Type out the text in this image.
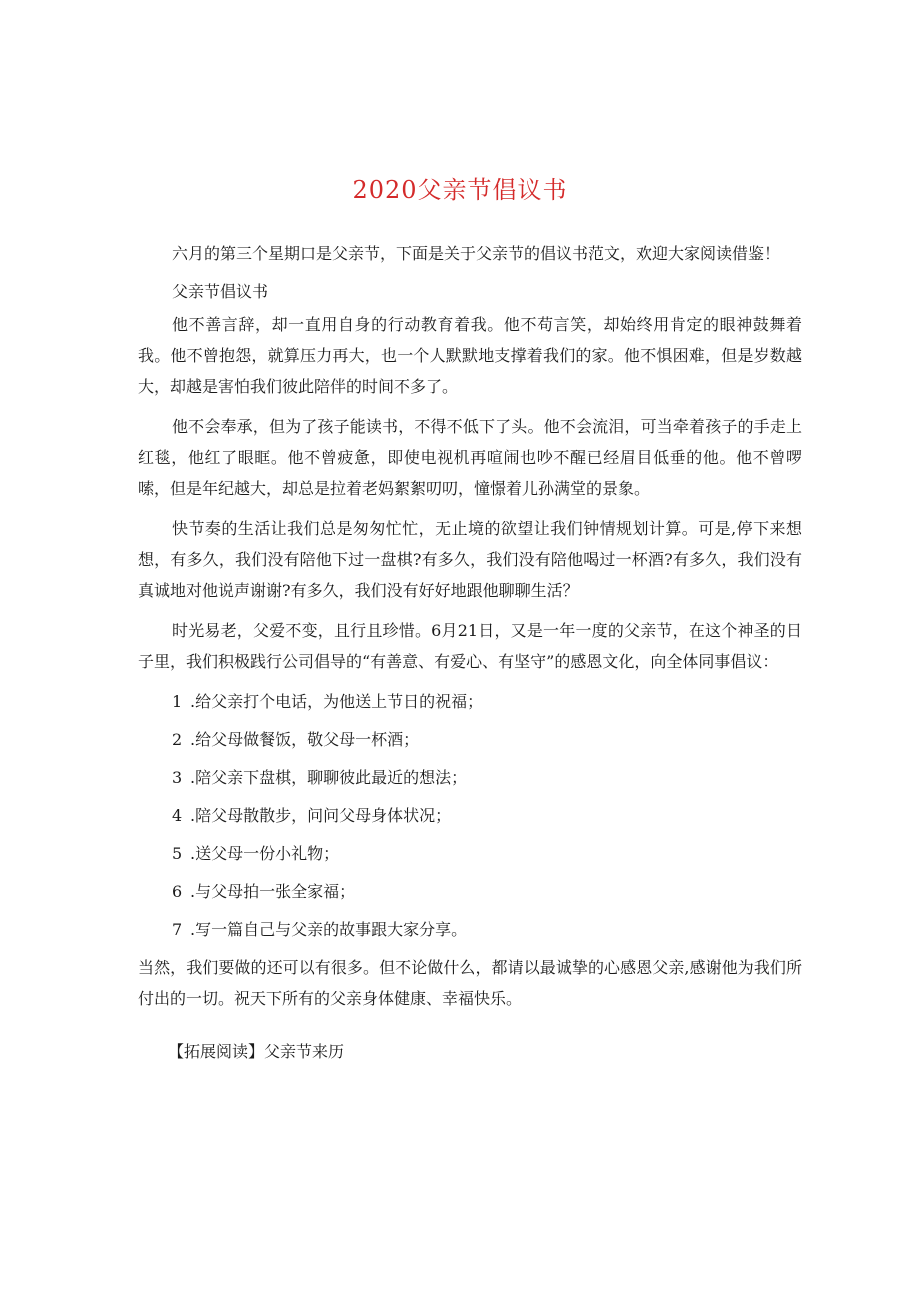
2020父亲节倡议书

六月的第三个星期口是父亲节，下面是关于父亲节的倡议书范文，欢迎大家阅读借鉴！

父亲节倡议书

他不善言辞，却一直用自身的行动教育着我。他不苟言笑，却始终用肯定的眼神鼓舞着我。他不曾抱怨，就算压力再大，也一个人默默地支撑着我们的家。他不惧困难，但是岁数越大，却越是害怕我们彼此陪伴的时间不多了。

他不会奉承，但为了孩子能读书，不得不低下了头。他不会流泪，可当牵着孩子的手走上红毯，他红了眼眶。他不曾疲惫，即使电视机再喧闹也吵不醒已经眉目低垂的他。他不曾啰嗦，但是年纪越大，却总是拉着老妈絮絮叨叨，憧憬着儿孙满堂的景象。

快节奏的生活让我们总是匆匆忙忙，无止境的欲望让我们钟情规划计算。可是,停下来想想，有多久，我们没有陪他下过一盘棋?有多久，我们没有陪他喝过一杯酒?有多久，我们没有真诚地对他说声谢谢?有多久，我们没有好好地跟他聊聊生活？

时光易老，父爱不变，且行且珍惜。6月21日，又是一年一度的父亲节，在这个神圣的日子里，我们积极践行公司倡导的“有善意、有爱心、有坚守”的感恩文化，向全体同事倡议：

1 .给父亲打个电话，为他送上节日的祝福；

2 .给父母做餐饭，敬父母一杯酒；

3 .陪父亲下盘棋，聊聊彼此最近的想法；

4 .陪父母散散步，问问父母身体状况；

5 .送父母一份小礼物；

6 .与父母拍一张全家福；

7 .写一篇自己与父亲的故事跟大家分享。

当然，我们要做的还可以有很多。但不论做什么，都请以最诚挚的心感恩父亲,感谢他为我们所付出的一切。祝天下所有的父亲身体健康、幸福快乐。

【拓展阅读】父亲节来历
